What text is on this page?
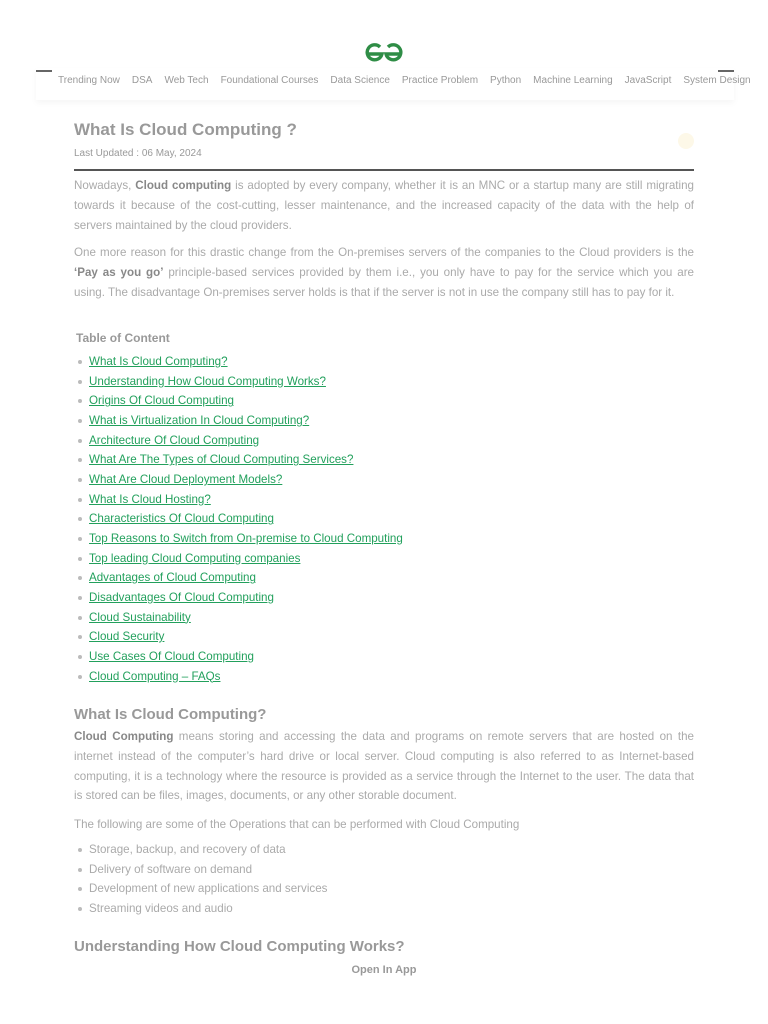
Trending Now DSA Web Tech Foundational Courses Data Science Practice Problem Python Machine Learning JavaScript System Design
What Is Cloud Computing ?
Last Updated : 06 May, 2024

Nowadays, Cloud computing is adopted by every company, whether it is an MNC or a startup many are still migrating towards it because of the cost-cutting, lesser maintenance, and the increased capacity of the data with the help of servers maintained by the cloud providers.

One more reason for this drastic change from the On-premises servers of the companies to the Cloud providers is the ‘Pay as you go’ principle-based services provided by them i.e., you only have to pay for the service which you are using. The disadvantage On-premises server holds is that if the server is not in use the company still has to pay for it.

Table of Content
What Is Cloud Computing?
Understanding How Cloud Computing Works?
Origins Of Cloud Computing
What is Virtualization In Cloud Computing?
Architecture Of Cloud Computing
What Are The Types of Cloud Computing Services?
What Are Cloud Deployment Models?
What Is Cloud Hosting?
Characteristics Of Cloud Computing
Top Reasons to Switch from On-premise to Cloud Computing
Top leading Cloud Computing companies
Advantages of Cloud Computing
Disadvantages Of Cloud Computing
Cloud Sustainability
Cloud Security
Use Cases Of Cloud Computing
Cloud Computing – FAQs
What Is Cloud Computing?

Cloud Computing means storing and accessing the data and programs on remote servers that are hosted on the internet instead of the computer’s hard drive or local server. Cloud computing is also referred to as Internet-based computing, it is a technology where the resource is provided as a service through the Internet to the user. The data that is stored can be files, images, documents, or any other storable document.

The following are some of the Operations that can be performed with Cloud Computing

Storage, backup, and recovery of data
Delivery of software on demand
Development of new applications and services
Streaming videos and audio
Understanding How Cloud Computing Works?
Open In App
